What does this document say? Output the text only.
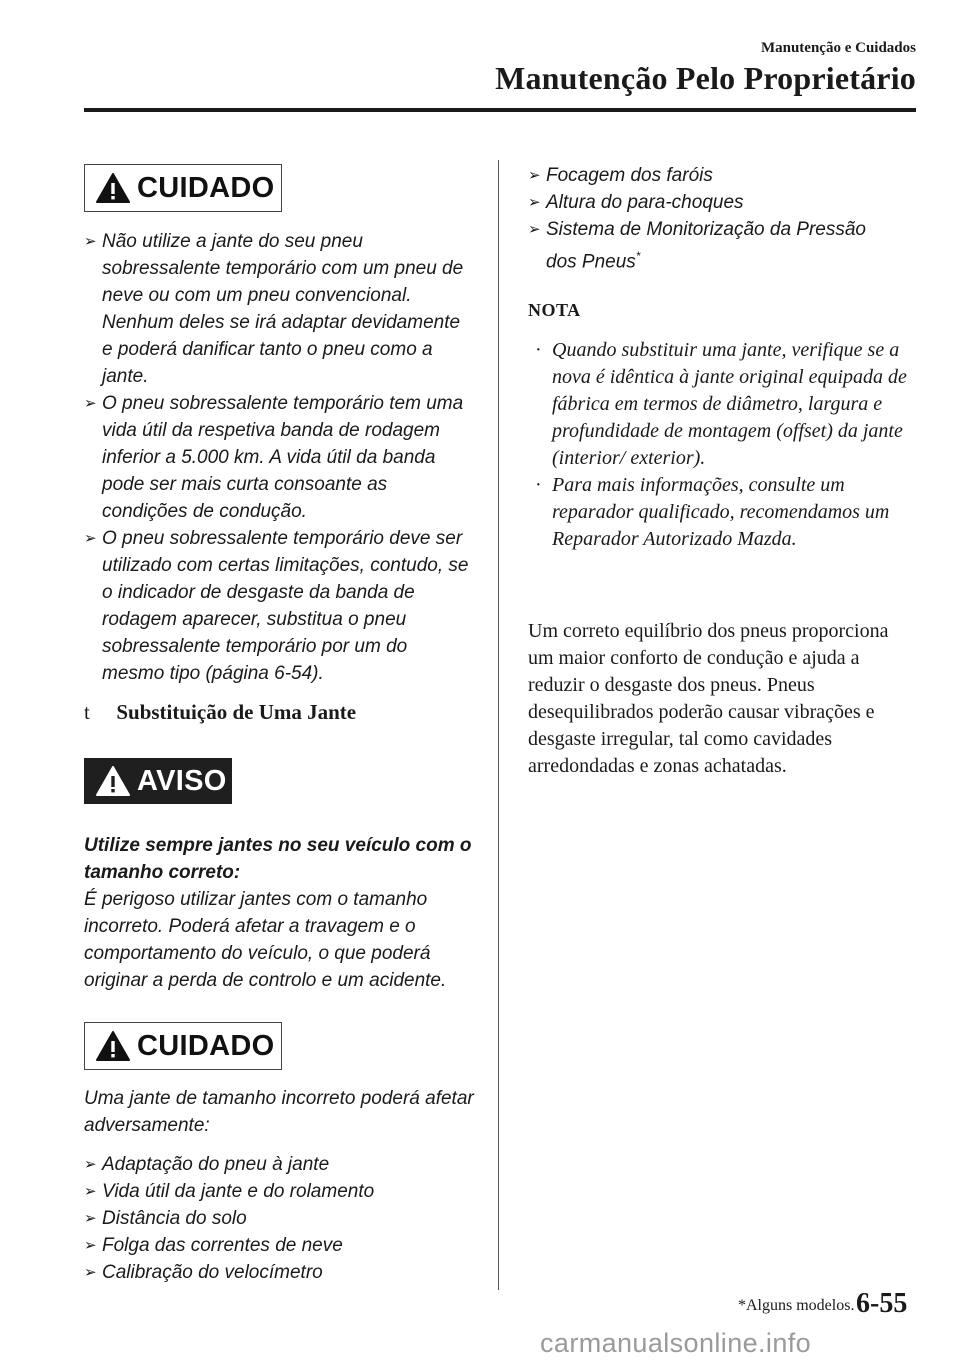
Manutenção e Cuidados
Manutenção Pelo Proprietário
CUIDADO
➢ Não utilize a jante do seu pneu sobressalente temporário com um pneu de neve ou com um pneu convencional. Nenhum deles se irá adaptar devidamente e poderá danificar tanto o pneu como a jante.
➢ O pneu sobressalente temporário tem uma vida útil da respetiva banda de rodagem inferior a 5.000 km. A vida útil da banda pode ser mais curta consoante as condições de condução.
➢ O pneu sobressalente temporário deve ser utilizado com certas limitações, contudo, se o indicador de desgaste da banda de rodagem aparecer, substitua o pneu sobressalente temporário por um do mesmo tipo (página 6-54).
t Substituição de Uma Jante
AVISO
Utilize sempre jantes no seu veículo com o tamanho correto:
É perigoso utilizar jantes com o tamanho incorreto. Poderá afetar a travagem e o comportamento do veículo, o que poderá originar a perda de controlo e um acidente.
CUIDADO
Uma jante de tamanho incorreto poderá afetar adversamente:
➢ Adaptação do pneu à jante
➢ Vida útil da jante e do rolamento
➢ Distância do solo
➢ Folga das correntes de neve
➢ Calibração do velocímetro
➢ Focagem dos faróis
➢ Altura do para-choques
➢ Sistema de Monitorização da Pressão dos Pneus*
NOTA
· Quando substituir uma jante, verifique se a nova é idêntica à jante original equipada de fábrica em termos de diâmetro, largura e profundidade de montagem (offset) da jante (interior/ exterior).
· Para mais informações, consulte um reparador qualificado, recomendamos um Reparador Autorizado Mazda.
Um correto equilíbrio dos pneus proporciona um maior conforto de condução e ajuda a reduzir o desgaste dos pneus. Pneus desequilibrados poderão causar vibrações e desgaste irregular, tal como cavidades arredondadas e zonas achatadas.
*Alguns modelos. 6-55
carmanualsonline.info
